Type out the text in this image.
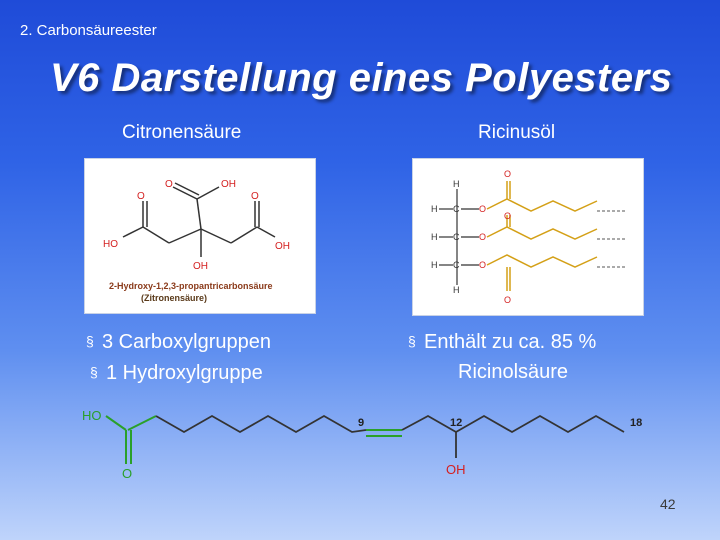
2. Carbonsäureester
V6 Darstellung eines Polyesters
Citronensäure	Ricinusöl
O
HO
O	OH
OH
O
OH
2-Hydroxy-1,2,3-propantricarbonsäure
(Zitronensäure)
H
H C O
H C O
H C O
H
O
O
O
§ 3 Carboxylgruppen
§ 1 Hydroxylgruppe
§ Enthält zu ca. 85 %
Ricinolsäure
HO
O	OH
9	12	18
42
